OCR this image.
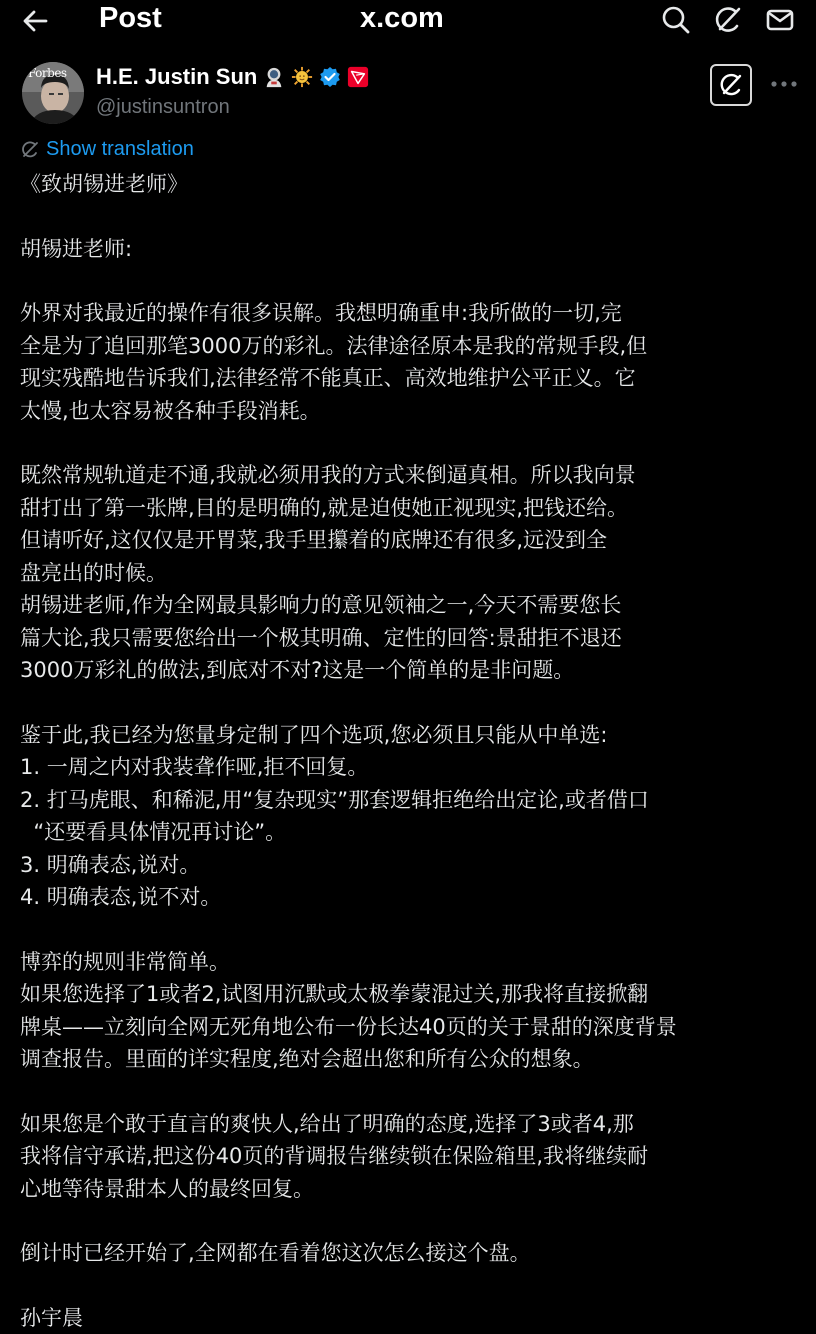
Post	x.com
Forbes H.E. Justin Sun
@justinsuntron
Show translation

《致胡锡进老师》

胡锡进老师:

外界对我最近的操作有很多误解。我想明确重申:我所做的一切,完
全是为了追回那笔3000万的彩礼。法律途径原本是我的常规手段,但
现实残酷地告诉我们,法律经常不能真正、高效地维护公平正义。它
太慢,也太容易被各种手段消耗。

既然常规轨道走不通,我就必须用我的方式来倒逼真相。所以我向景
甜打出了第一张牌,目的是明确的,就是迫使她正视现实,把钱还给。
但请听好,这仅仅是开胃菜,我手里攥着的底牌还有很多,远没到全
盘亮出的时候。
胡锡进老师,作为全网最具影响力的意见领袖之一,今天不需要您长
篇大论,我只需要您给出一个极其明确、定性的回答:景甜拒不退还
3000万彩礼的做法,到底对不对?这是一个简单的是非问题。

鉴于此,我已经为您量身定制了四个选项,您必须且只能从中单选:
1. 一周之内对我装聋作哑,拒不回复。
2. 打马虎眼、和稀泥,用“复杂现实”那套逻辑拒绝给出定论,或者借口
“还要看具体情况再讨论”。
3. 明确表态,说对。
4. 明确表态,说不对。

博弈的规则非常简单。
如果您选择了1或者2,试图用沉默或太极拳蒙混过关,那我将直接掀翻
牌桌——立刻向全网无死角地公布一份长达40页的关于景甜的深度背景
调查报告。里面的详实程度,绝对会超出您和所有公众的想象。

如果您是个敢于直言的爽快人,给出了明确的态度,选择了3或者4,那
我将信守承诺,把这份40页的背调报告继续锁在保险箱里,我将继续耐
心地等待景甜本人的最终回复。

倒计时已经开始了,全网都在看着您这次怎么接这个盘。

孙宇晨
